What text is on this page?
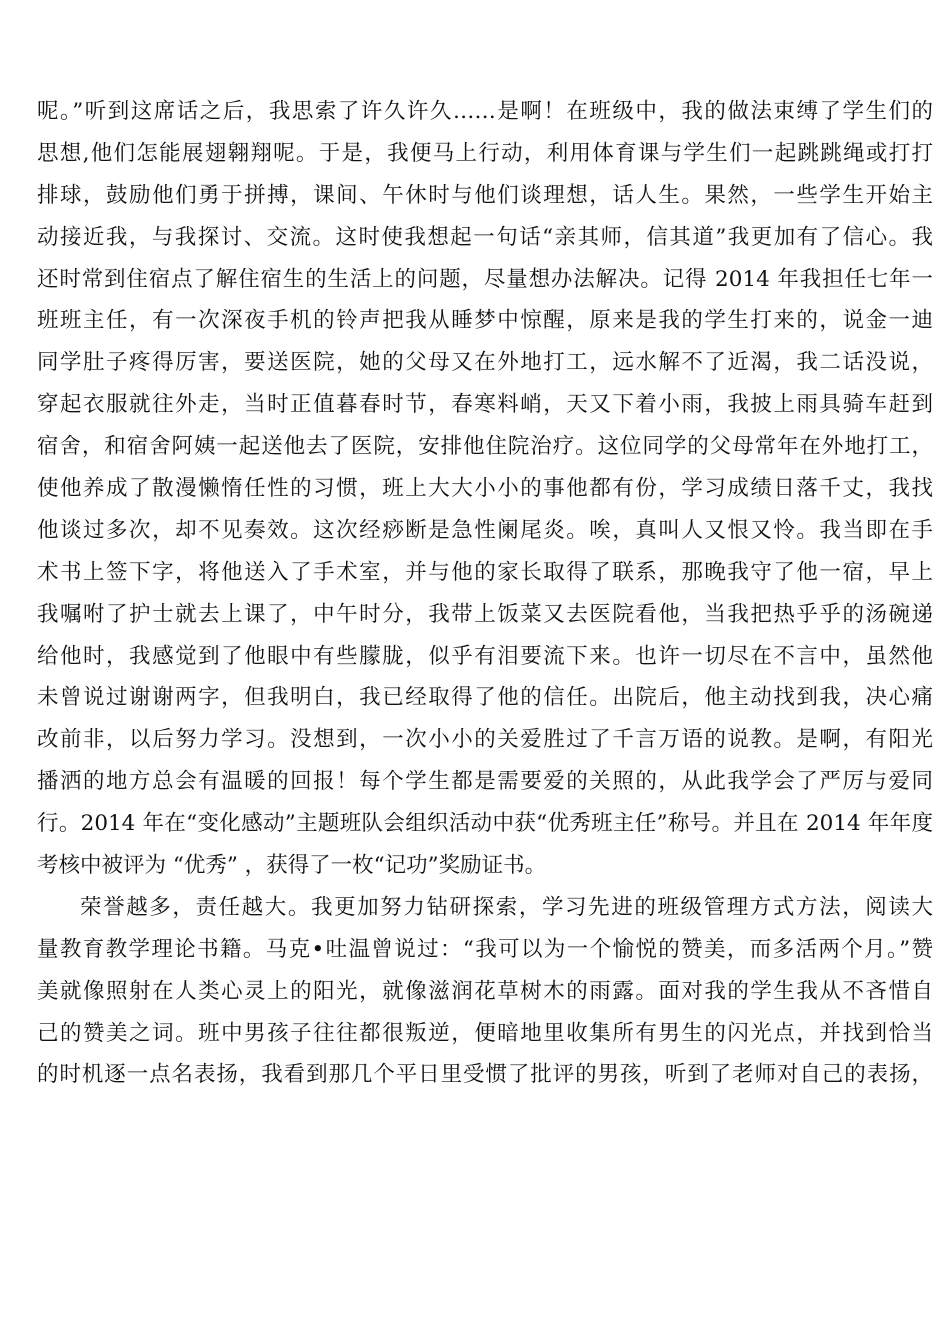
呢。”听到这席话之后，我思索了许久许久……是啊！在班级中，我的做法束缚了学生们的
思想,他们怎能展翅翱翔呢。于是，我便马上行动，利用体育课与学生们一起跳跳绳或打打
排球，鼓励他们勇于拼搏，课间、午休时与他们谈理想，话人生。果然，一些学生开始主
动接近我，与我探讨、交流。这时使我想起一句话“亲其师，信其道”我更加有了信心。我
还时常到住宿点了解住宿生的生活上的问题，尽量想办法解决。记得 2014 年我担任七年一
班班主任，有一次深夜手机的铃声把我从睡梦中惊醒，原来是我的学生打来的，说金一迪
同学肚子疼得厉害，要送医院，她的父母又在外地打工，远水解不了近渴，我二话没说，
穿起衣服就往外走，当时正值暮春时节，春寒料峭，天又下着小雨，我披上雨具骑车赶到
宿舍，和宿舍阿姨一起送他去了医院，安排他住院治疗。这位同学的父母常年在外地打工，
使他养成了散漫懒惰任性的习惯，班上大大小小的事他都有份，学习成绩日落千丈，我找
他谈过多次，却不见奏效。这次经痧断是急性阑尾炎。唉，真叫人又恨又怜。我当即在手
术书上签下字，将他送入了手术室，并与他的家长取得了联系，那晚我守了他一宿，早上
我嘱咐了护士就去上课了，中午时分，我带上饭菜又去医院看他，当我把热乎乎的汤碗递
给他时，我感觉到了他眼中有些朦胧，似乎有泪要流下来。也许一切尽在不言中，虽然他
未曾说过谢谢两字，但我明白，我已经取得了他的信任。出院后，他主动找到我，决心痛
改前非，以后努力学习。没想到，一次小小的关爱胜过了千言万语的说教。是啊，有阳光
播洒的地方总会有温暖的回报！每个学生都是需要爱的关照的，从此我学会了严厉与爱同
行。2014 年在“变化感动”主题班队会组织活动中获“优秀班主任”称号。并且在 2014 年年度
考核中被评为 “优秀” ，获得了一枚“记功”奖励证书。
荣誉越多，责任越大。我更加努力钻研探索，学习先进的班级管理方式方法，阅读大
量教育教学理论书籍。马克•吐温曾说过：“我可以为一个愉悦的赞美，而多活两个月。”赞
美就像照射在人类心灵上的阳光，就像滋润花草树木的雨露。面对我的学生我从不吝惜自
己的赞美之词。班中男孩子往往都很叛逆，便暗地里收集所有男生的闪光点，并找到恰当
的时机逐一点名表扬，我看到那几个平日里受惯了批评的男孩，听到了老师对自己的表扬，
